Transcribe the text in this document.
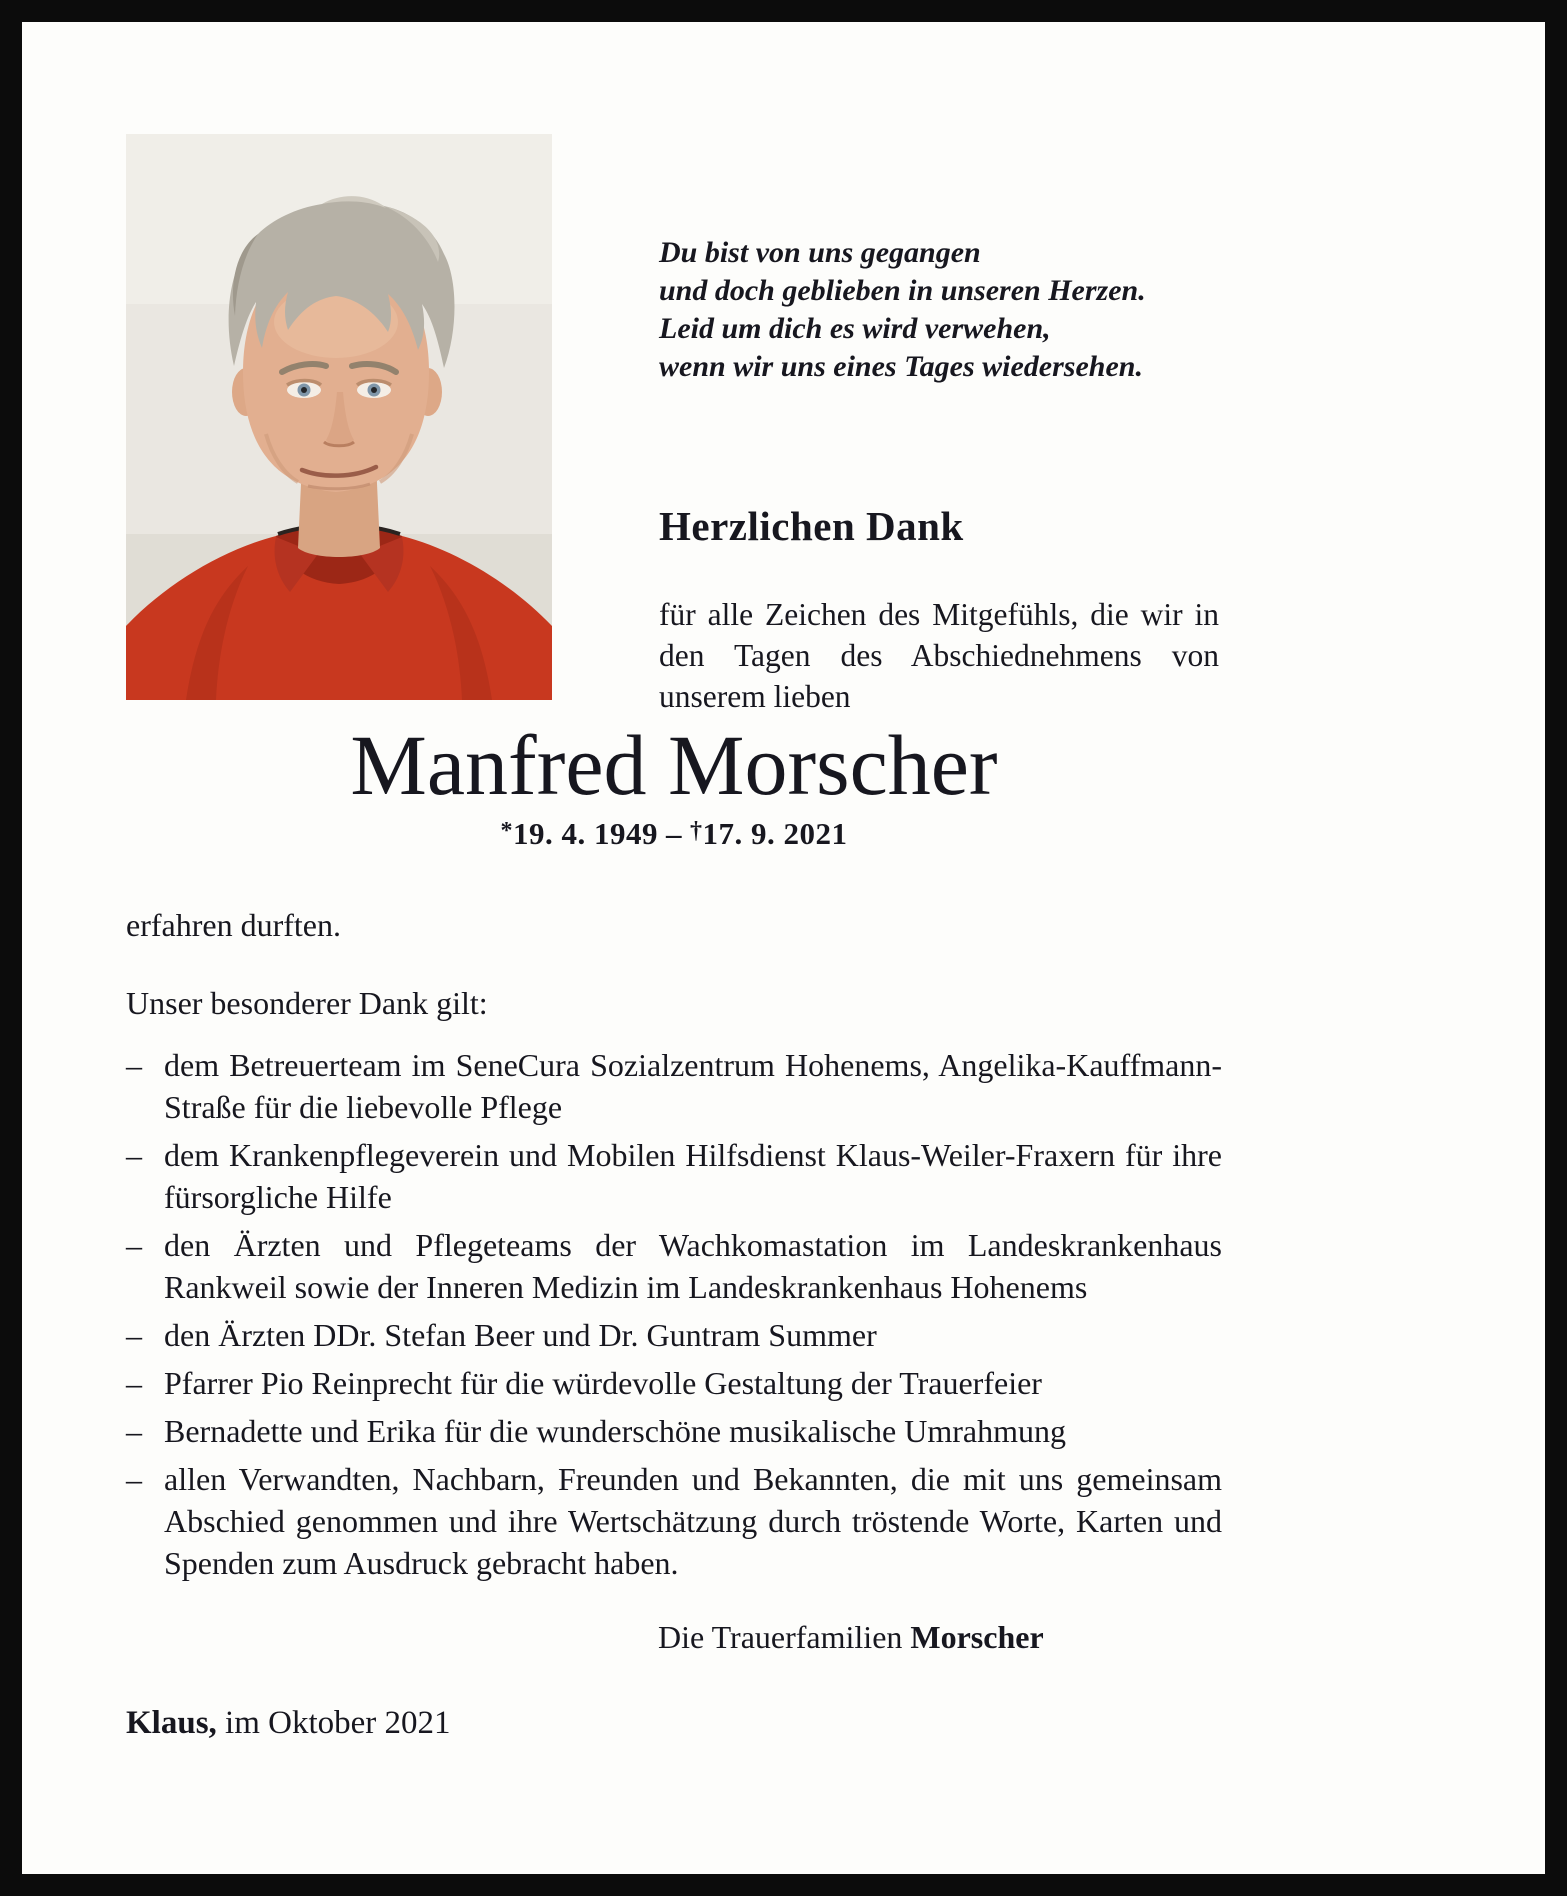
Du bist von uns gegangen
und doch geblieben in unseren Herzen.
Leid um dich es wird verwehen,
wenn wir uns eines Tages wiedersehen.
Herzlichen Dank
für alle Zeichen des Mitgefühls, die wir in den Tagen des Abschiednehmens von unserem lieben
Manfred Morscher
*19. 4. 1949 – †17. 9. 2021
erfahren durften.
Unser besonderer Dank gilt:
– dem Betreuerteam im SeneCura Sozialzentrum Hohenems, Angelika-Kauffmann-Straße für die liebevolle Pflege
– dem Krankenpflegeverein und Mobilen Hilfsdienst Klaus-Weiler-Fraxern für ihre fürsorgliche Hilfe
– den Ärzten und Pflegeteams der Wachkomastation im Landeskrankenhaus Rankweil sowie der Inneren Medizin im Landeskrankenhaus Hohenems
– den Ärzten DDr. Stefan Beer und Dr. Guntram Summer
– Pfarrer Pio Reinprecht für die würdevolle Gestaltung der Trauerfeier
– Bernadette und Erika für die wunderschöne musikalische Umrahmung
– allen Verwandten, Nachbarn, Freunden und Bekannten, die mit uns gemeinsam Abschied genommen und ihre Wertschätzung durch tröstende Worte, Karten und Spenden zum Ausdruck gebracht haben.
Die Trauerfamilien Morscher
Klaus, im Oktober 2021
